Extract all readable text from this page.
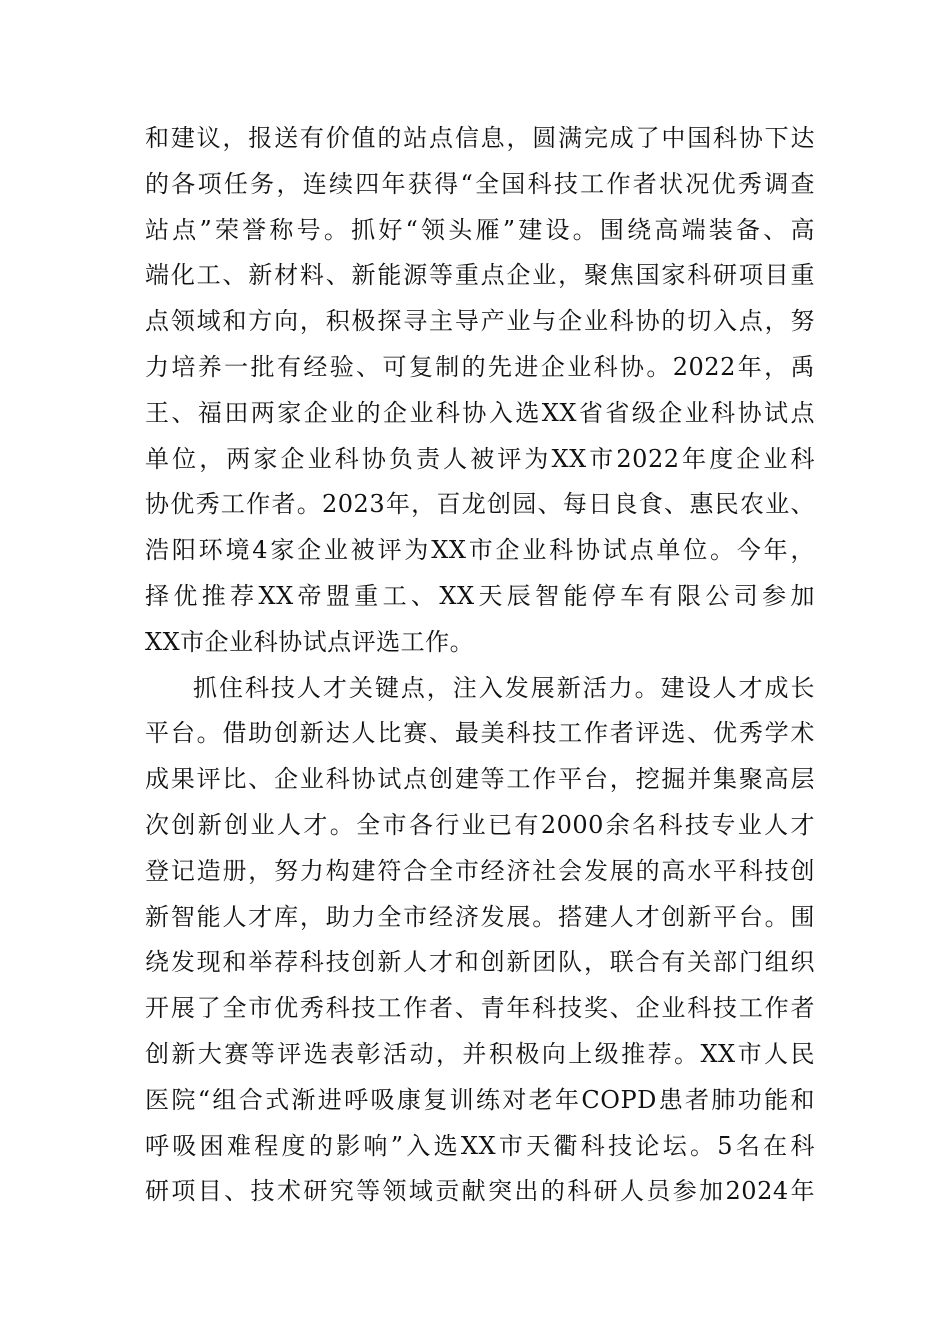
和建议，报送有价值的站点信息，圆满完成了中国科协下达
的各项任务，连续四年获得“全国科技工作者状况优秀调查
站点”荣誉称号。抓好“领头雁”建设。围绕高端装备、高
端化工、新材料、新能源等重点企业，聚焦国家科研项目重
点领域和方向，积极探寻主导产业与企业科协的切入点，努
力培养一批有经验、可复制的先进企业科协。2022年，禹
王、福田两家企业的企业科协入选XX省省级企业科协试点
单位，两家企业科协负责人被评为XX市2022年度企业科
协优秀工作者。2023年，百龙创园、每日良食、惠民农业、
浩阳环境4家企业被评为XX市企业科协试点单位。今年，
择优推荐XX帝盟重工、XX天辰智能停车有限公司参加
XX市企业科协试点评选工作。
抓住科技人才关键点，注入发展新活力。建设人才成长
平台。借助创新达人比赛、最美科技工作者评选、优秀学术
成果评比、企业科协试点创建等工作平台，挖掘并集聚高层
次创新创业人才。全市各行业已有2000余名科技专业人才
登记造册，努力构建符合全市经济社会发展的高水平科技创
新智能人才库，助力全市经济发展。搭建人才创新平台。围
绕发现和举荐科技创新人才和创新团队，联合有关部门组织
开展了全市优秀科技工作者、青年科技奖、企业科技工作者
创新大赛等评选表彰活动，并积极向上级推荐。XX市人民
医院“组合式渐进呼吸康复训练对老年COPD患者肺功能和
呼吸困难程度的影响”入选XX市天衢科技论坛。5名在科
研项目、技术研究等领域贡献突出的科研人员参加2024年
